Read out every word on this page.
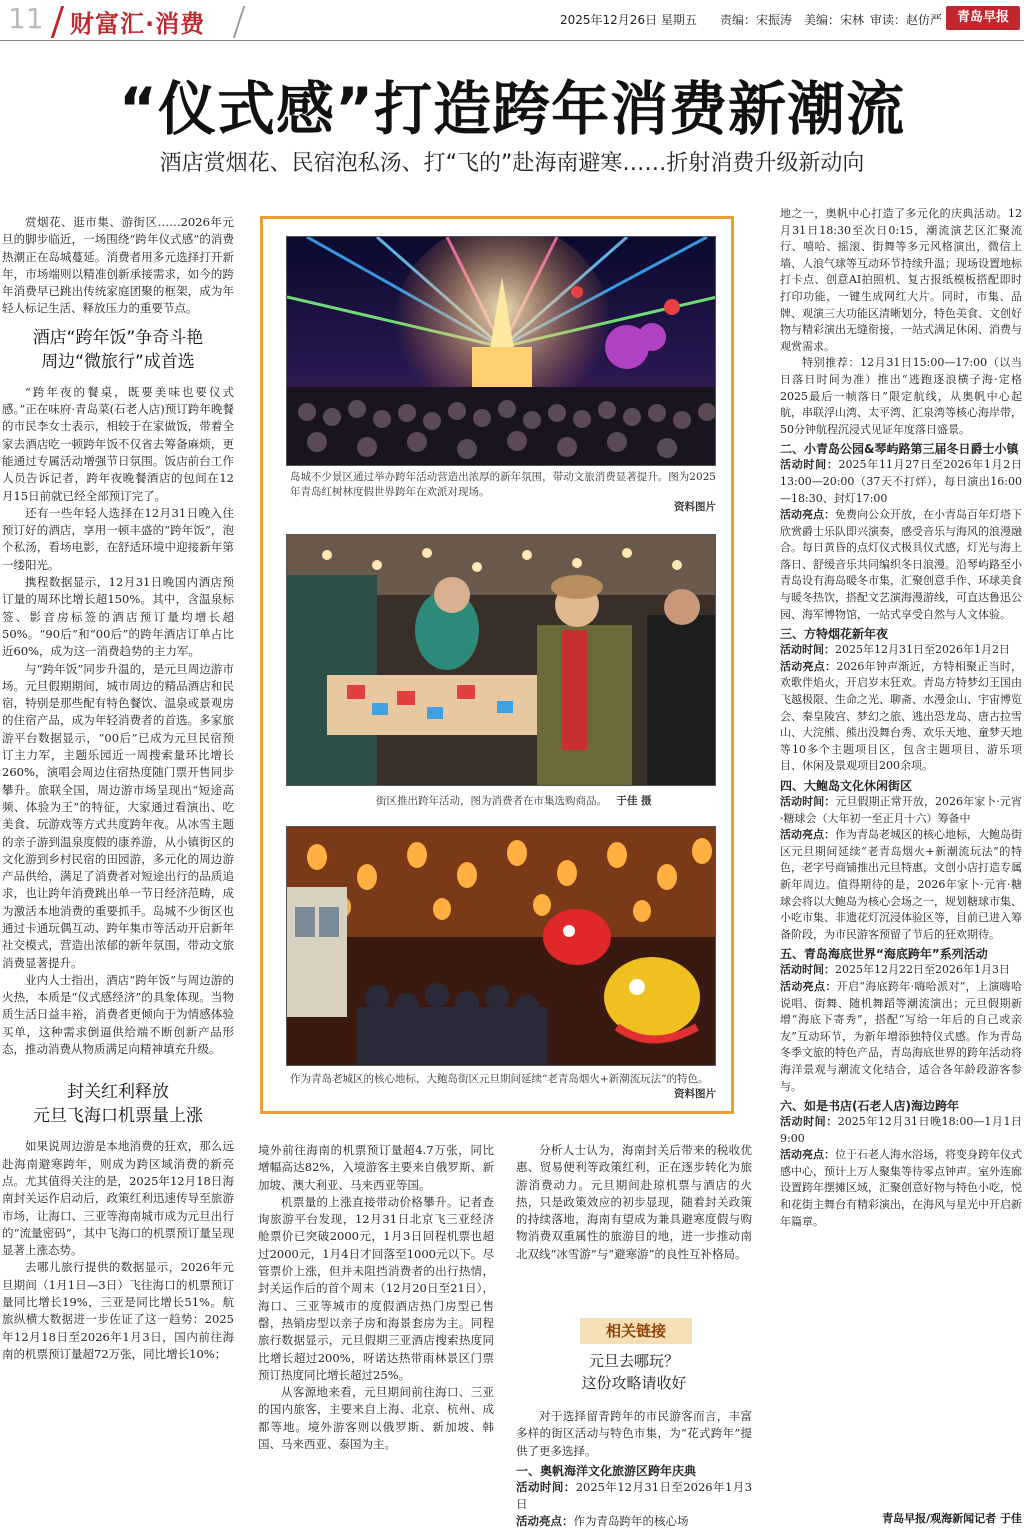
11 财富汇·消费	2025年12月26日 星期五 责编：宋振涛 美编：宋林 审读：赵仿严	青岛早报
“仪式感”打造跨年消费新潮流
酒店赏烟花、民宿泡私汤、打“飞的”赴海南避寒……折射消费升级新动向

赏烟花、逛市集、游街区……2026年元旦的脚步临近，一场围绕“跨年仪式感”的消费热潮正在岛城蔓延。消费者用多元选择打开新年，市场端则以精准创新承接需求，如今的跨年消费早已跳出传统家庭团聚的框架，成为年轻人标记生活、释放压力的重要节点。

酒店“跨年饭”争奇斗艳
周边“微旅行”成首选

“跨年夜的餐桌，既要美味也要仪式感。”正在味府·青岛菜(石老人店)预订跨年晚餐的市民李女士表示，相较于在家做饭，带着全家去酒店吃一顿跨年饭不仅省去筹备麻烦，更能通过专属活动增强节日氛围。饭店前台工作人员告诉记者，跨年夜晚餐酒店的包间在12月15日前就已经全部预订完了。

还有一些年轻人选择在12月31日晚入住预订好的酒店，享用一顿丰盛的“跨年饭”，泡个私汤，看场电影，在舒适环境中迎接新年第一缕阳光。

携程数据显示，12月31日晚国内酒店预订量的周环比增长超150%。其中，含温泉标签、影音房标签的酒店预订量均增长超50%。“90后”和“00后”的跨年酒店订单占比近60%，成为这一消费趋势的主力军。

与“跨年饭”同步升温的，是元旦周边游市场。元旦假期期间，城市周边的精品酒店和民宿，特别是那些配有特色餐饮、温泉或景观房的住宿产品，成为年轻消费者的首选。多家旅游平台数据显示，“00后”已成为元旦民宿预订主力军，主题乐园近一周搜索量环比增长260%，演唱会周边住宿热度随门票开售同步攀升。旅联全国，周边游市场呈现出“短途高频、体验为王”的特征，大家通过看演出、吃美食、玩游戏等方式共度跨年夜。从冰雪主题的亲子游到温泉度假的康养游，从小镇街区的文化游到乡村民宿的田园游，多元化的周边游产品供给，满足了消费者对短途出行的品质追求，也让跨年消费跳出单一节日经济范畴，成为激活本地消费的重要抓手。岛城不少街区也通过卡通玩偶互动、跨年集市等活动开启新年社交模式，营造出浓郁的新年氛围，带动文旅消费显著提升。

业内人士指出，酒店“跨年饭”与周边游的火热，本质是“仪式感经济”的具象体现。当物质生活日益丰裕，消费者更倾向于为情感体验买单，这种需求倒逼供给端不断创新产品形态，推动消费从物质满足向精神填充升级。

封关红利释放
元旦飞海口机票量上涨

如果说周边游是本地消费的狂欢，那么远赴海南避寒跨年，则成为跨区域消费的新亮点。尤其值得关注的是，2025年12月18日海南封关运作启动后，政策红利迅速传导至旅游市场，让海口、三亚等海南城市成为元旦出行的“流量密码”，其中飞海口的机票预订量呈现显著上涨态势。

去哪儿旅行提供的数据显示，2026年元旦期间（1月1日—3日）飞往海口的机票预订量同比增长19%，三亚是同比增长51%。航旅纵横大数据进一步佐证了这一趋势：2025年12月18日至2026年1月3日，国内前往海南的机票预订量超72万张，同比增长10%；

岛城不少景区通过举办跨年活动营造出浓厚的新年氛围，带动文旅消费显著提升。图为2025年青岛红树林度假世界跨年在欢派对现场。

资料图片
街区推出跨年活动，图为消费者在市集选购商品。 于佳 摄
作为青岛老城区的核心地标，大鲍岛街区元旦期间延续“老青岛烟火+新潮流玩法”的特色。
资料图片

境外前往海南的机票预订量超4.7万张，同比增幅高达82%，入境游客主要来自俄罗斯、新加坡、澳大利亚、马来西亚等国。

机票量的上涨直接带动价格攀升。记者查询旅游平台发现，12月31日北京飞三亚经济舱票价已突破2000元，1月3日回程机票也超过2000元，1月4日才回落至1000元以下。尽管票价上涨，但并未阻挡消费者的出行热情，封关运作后的首个周末（12月20日至21日），海口、三亚等城市的度假酒店热门房型已售罄，热销房型以亲子房和海景套房为主。同程旅行数据显示，元旦假期三亚酒店搜索热度同比增长超过200%，呀诺达热带雨林景区门票预订热度同比增长超过25%。

从客源地来看，元旦期间前往海口、三亚的国内旅客，主要来自上海、北京、杭州、成都等地。境外游客则以俄罗斯、新加坡、韩国、马来西亚、泰国为主。

分析人士认为，海南封关后带来的税收优惠、贸易便利等政策红利，正在逐步转化为旅游消费动力。元旦期间赴琼机票与酒店的火热，只是政策效应的初步显现，随着封关政策的持续落地，海南有望成为兼具避寒度假与购物消费双重属性的旅游目的地，进一步推动南北双线“冰雪游”与“避寒游”的良性互补格局。

相关链接
元旦去哪玩？
这份攻略请收好

对于选择留青跨年的市民游客而言，丰富多样的街区活动与特色市集，为“花式跨年”提供了更多选择。

一、奥帆海洋文化旅游区跨年庆典
活动时间：2025年12月31日至2026年1月3日
活动亮点：作为青岛跨年的核心场

地之一，奥帆中心打造了多元化的庆典活动。12月31日18:30至次日0:15，潮流演艺区汇聚流行、嘻哈、摇滚、街舞等多元风格演出，微信上墙、人浪气球等互动环节持续升温；现场设置地标打卡点、创意AI拍照机、复古报纸模板搭配即时打印功能，一键生成网红大片。同时，市集、品牌、观演三大功能区清晰划分，特色美食、文创好物与精彩演出无缝衔接，一站式满足休闲、消费与观赏需求。

特别推荐：12月31日15:00—17:00（以当日落日时间为准）推出“逃跑逐浪横子海·定格2025最后一帧落日”限定航线，从奥帆中心起航，串联浮山湾、太平湾、汇泉湾等核心海岸带，50分钟航程沉浸式见证年度落日盛景。

二、小青岛公园&琴屿路第三届冬日爵士小镇
活动时间：2025年11月27日至2026年1月2日13:00—20:00（37天不打烊），每日演出16:00—18:30、封灯17:00
活动亮点：免费向公众开放，在小青岛百年灯塔下欣赏爵士乐队即兴演奏，感受音乐与海风的浪漫融合。每日黄昏的点灯仪式极具仪式感，灯光与海上落日、舒缓音乐共同编织冬日浪漫。沿琴屿路至小青岛设有海岛暖冬市集，汇聚创意手作、环球美食与暖冬热饮，搭配文艺演海漫游线，可直达鲁迅公园、海军博物馆，一站式享受自然与人文体验。
三、方特烟花新年夜
活动时间：2025年12月31日至2026年1月2日
活动亮点：2026年钟声渐近，方特相聚正当时，欢歌伴焰火，开启岁末狂欢。青岛方特梦幻王国由飞越极限、生命之光、聊斋、水漫金山、宇宙博览会、秦皇陵宫、梦幻之旅、逃出恐龙岛、唐古拉雪山、大浣熊、熊出没舞台秀、欢乐天地、童梦天地等10多个主题项目区，包含主题项目、游乐项目、休闲及景观项目200余项。
四、大鲍岛文化休闲街区
活动时间：元旦假期正常开放，2026年家卜·元宵·糖球会（大年初一至正月十六）筹备中
活动亮点：作为青岛老城区的核心地标，大鲍岛街区元旦期间延续“老青岛烟火+新潮流玩法”的特色，老字号商铺推出元旦特惠，文创小店打造专属新年周边。值得期待的是，2026年家卜·元宵·糖球会将以大鲍岛为核心会场之一，规划糖球市集、小吃市集、非遗花灯沉浸体验区等，目前已进入筹备阶段，为市民游客预留了节后的狂欢期待。
五、青岛海底世界“海底跨年”系列活动
活动时间：2025年12月22日至2026年1月3日
活动亮点：开启“海底跨年·嗨哈派对”，上演嗨哈说唱、街舞、随机舞蹈等潮流演出；元旦假期新增“海底下寄秀”，搭配“写给一年后的自己或亲友”互动环节，为新年增添独特仪式感。作为青岛冬季文旅的特色产品，青岛海底世界的跨年活动将海洋景观与潮流文化结合，适合各年龄段游客参与。
六、如是书店(石老人店)海边跨年
活动时间：2025年12月31日晚18:00—1月1日9:00
活动亮点：位于石老人海水浴场，将变身跨年仪式感中心，预计上万人聚集等待零点钟声。室外连廊设置跨年摆摊区域，汇聚创意好物与特色小吃，悦和花街主舞台有精彩演出，在海风与星光中开启新年篇章。
青岛早报/观海新闻记者 于佳
